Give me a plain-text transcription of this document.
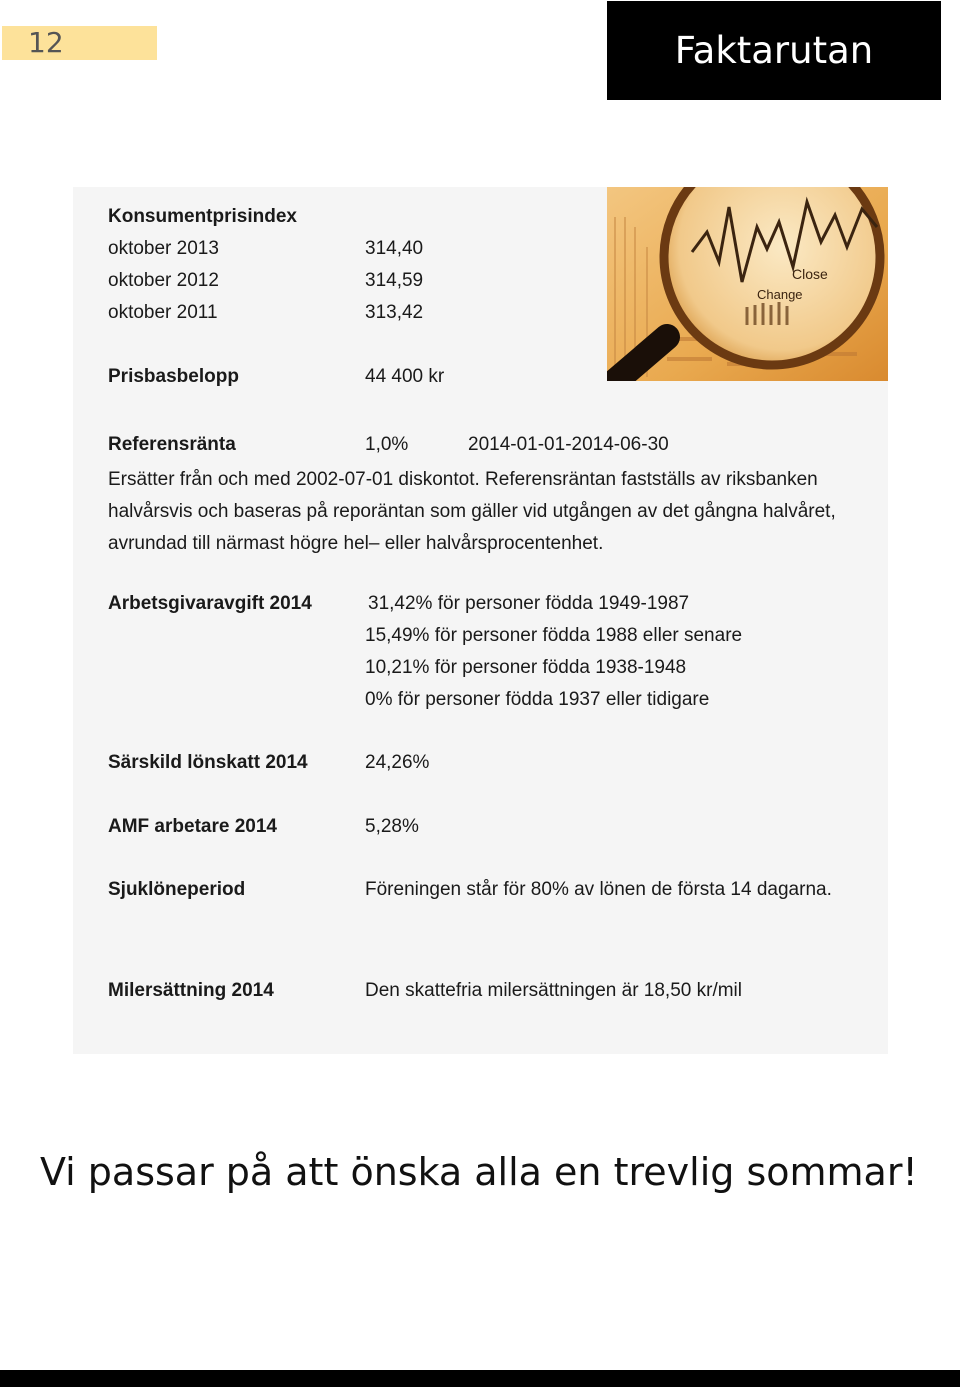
12	Faktarutan
Close
Change
Konsumentprisindex
oktober 2013	314,40
oktober 2012	314,59
oktober 2011	313,42
Prisbasbelopp	44 400 kr
Referensränta	1,0%	2014-01-01-2014-06-30
Ersätter från och med 2002-07-01 diskontot. Referensräntan fastställs av riksbanken halvårsvis och baseras på reporäntan som gäller vid utgången av det gångna halvåret, avrundad till närmast högre hel– eller halvårsprocentenhet.
Arbetsgivaravgift 2014	31,42% för personer födda 1949-1987
15,49% för personer födda 1988 eller senare
10,21% för personer födda 1938-1948
0% för personer födda 1937 eller tidigare
Särskild lönskatt 2014	24,26%
AMF arbetare 2014	5,28%
Sjuklöneperiod	Föreningen står för 80% av lönen de första 14 dagarna.
Milersättning 2014	Den skattefria milersättningen är 18,50 kr/mil
Vi passar på att önska alla en trevlig sommar!
